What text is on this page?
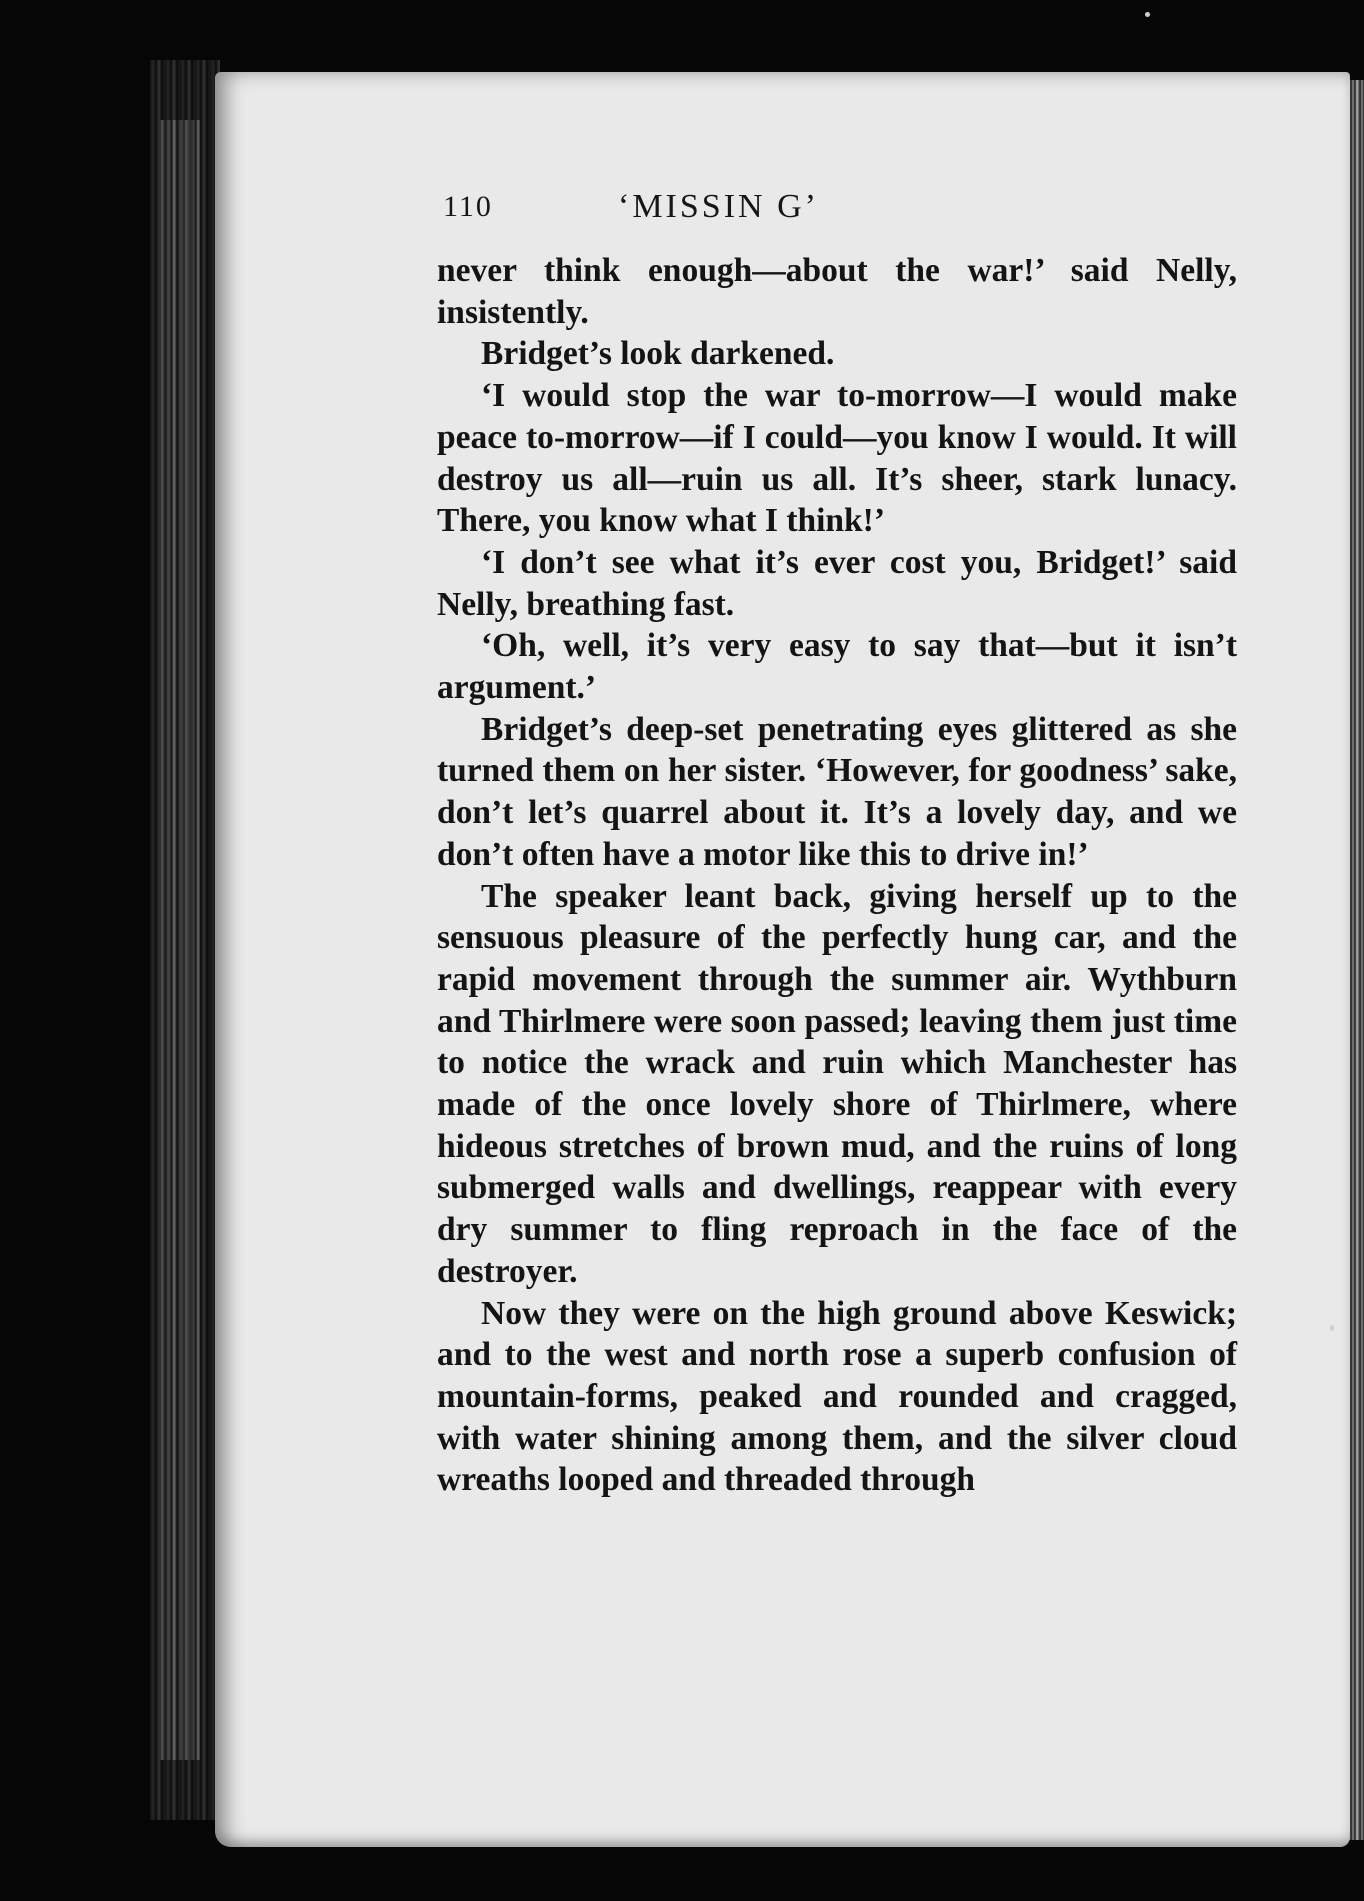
110	‘MISSIN G’

never think enough—about the war!’ said Nelly, insistently.

Bridget’s look darkened.

‘I would stop the war to-morrow—I would make peace to-morrow—if I could—you know I would. It will destroy us all—ruin us all. It’s sheer, stark lunacy. There, you know what I think!’

‘I don’t see what it’s ever cost you, Bridget!’ said Nelly, breathing fast.

‘Oh, well, it’s very easy to say that—but it isn’t argument.’

Bridget’s deep-set penetrating eyes glittered as she turned them on her sister. ‘However, for goodness’ sake, don’t let’s quarrel about it. It’s a lovely day, and we don’t often have a motor like this to drive in!’

The speaker leant back, giving herself up to the sensuous pleasure of the perfectly hung car, and the rapid movement through the summer air. Wythburn and Thirlmere were soon passed; leaving them just time to notice the wrack and ruin which Manchester has made of the once lovely shore of Thirlmere, where hideous stretches of brown mud, and the ruins of long submerged walls and dwellings, reappear with every dry summer to fling reproach in the face of the destroyer.

Now they were on the high ground above Keswick; and to the west and north rose a superb confusion of mountain-forms, peaked and rounded and cragged, with water shining among them, and the silver cloud wreaths looped and threaded through
